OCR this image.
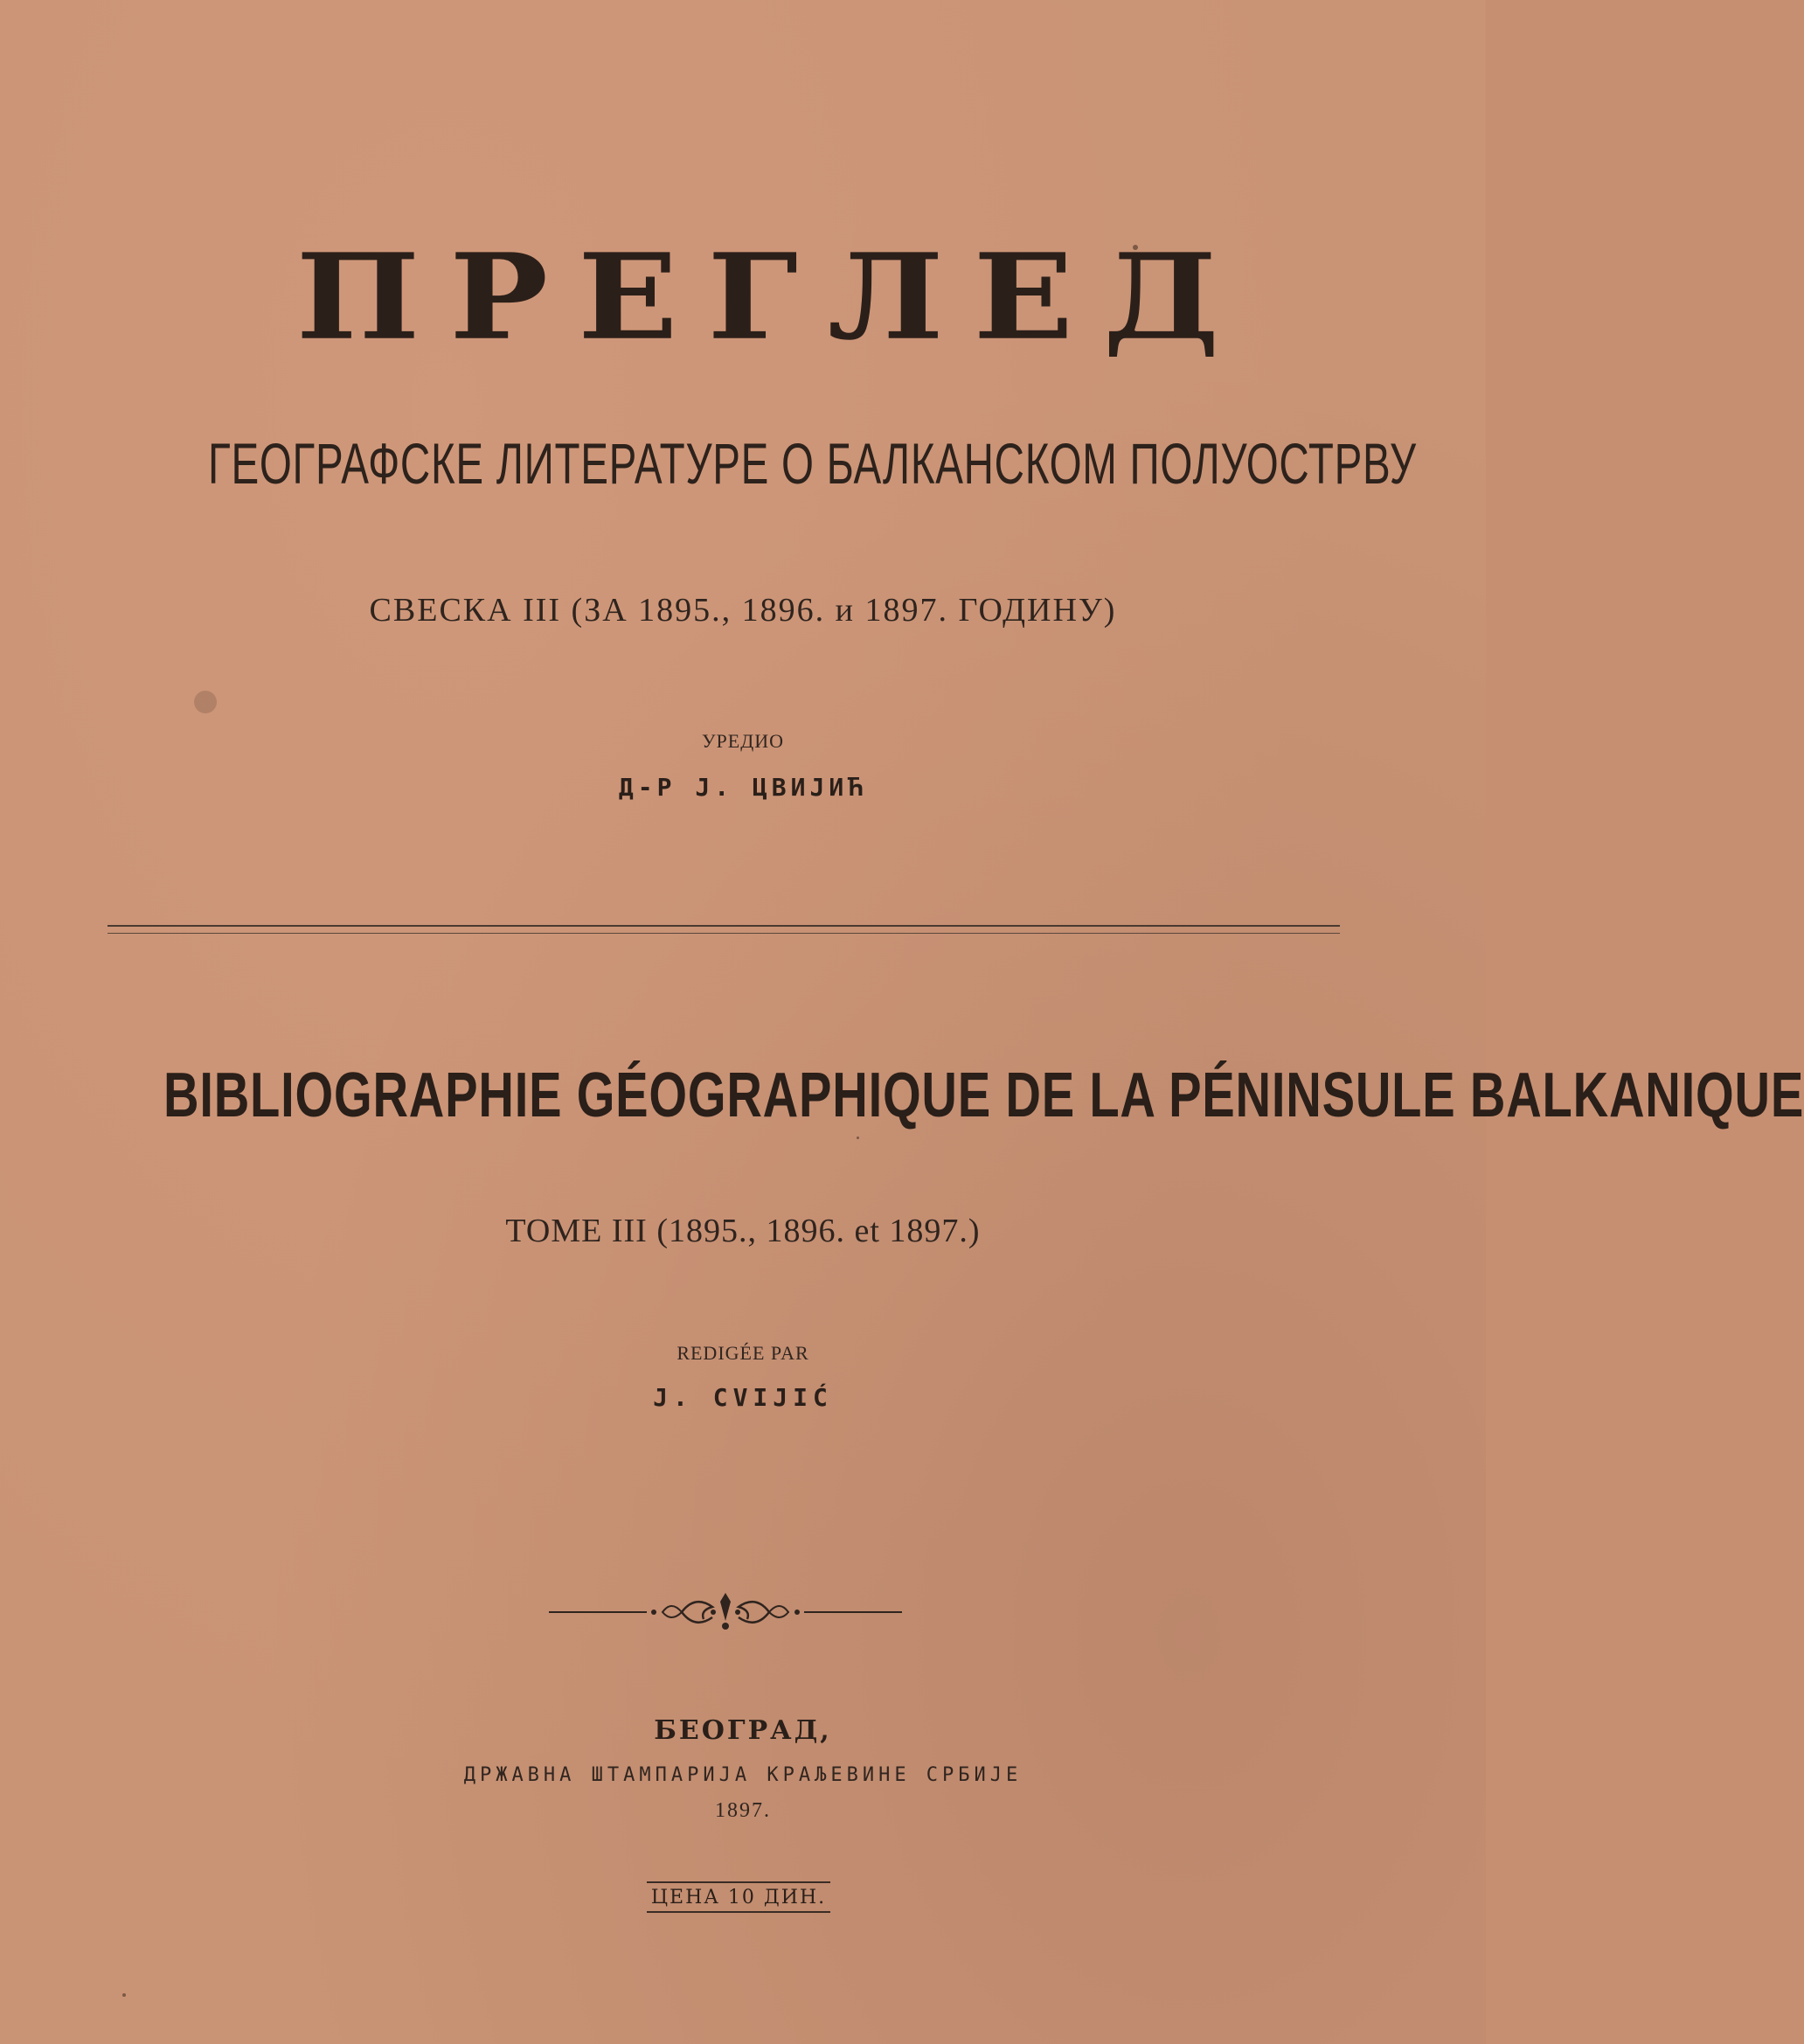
ПРЕГЛЕД
ГЕОГРАФСКЕ ЛИТЕРАТУРЕ О БАЛКАНСКОМ ПОЛУОСТРВУ
СВЕСКА III (ЗА 1895., 1896. и 1897. ГОДИНУ)
УРЕДИО
Д-Р Ј. ЦВИЈИЋ
BIBLIOGRAPHIE GÉOGRAPHIQUE DE LA PÉNINSULE BALKANIQUE
TOME III (1895., 1896. et 1897.)
REDIGÉE PAR
J. CVIJIĆ
БЕОГРАД,
ДРЖАВНА ШТАМПАРИЈА КРАЉЕВИНЕ СРБИЈЕ
1897.
ЦЕНА 10 ДИН.
